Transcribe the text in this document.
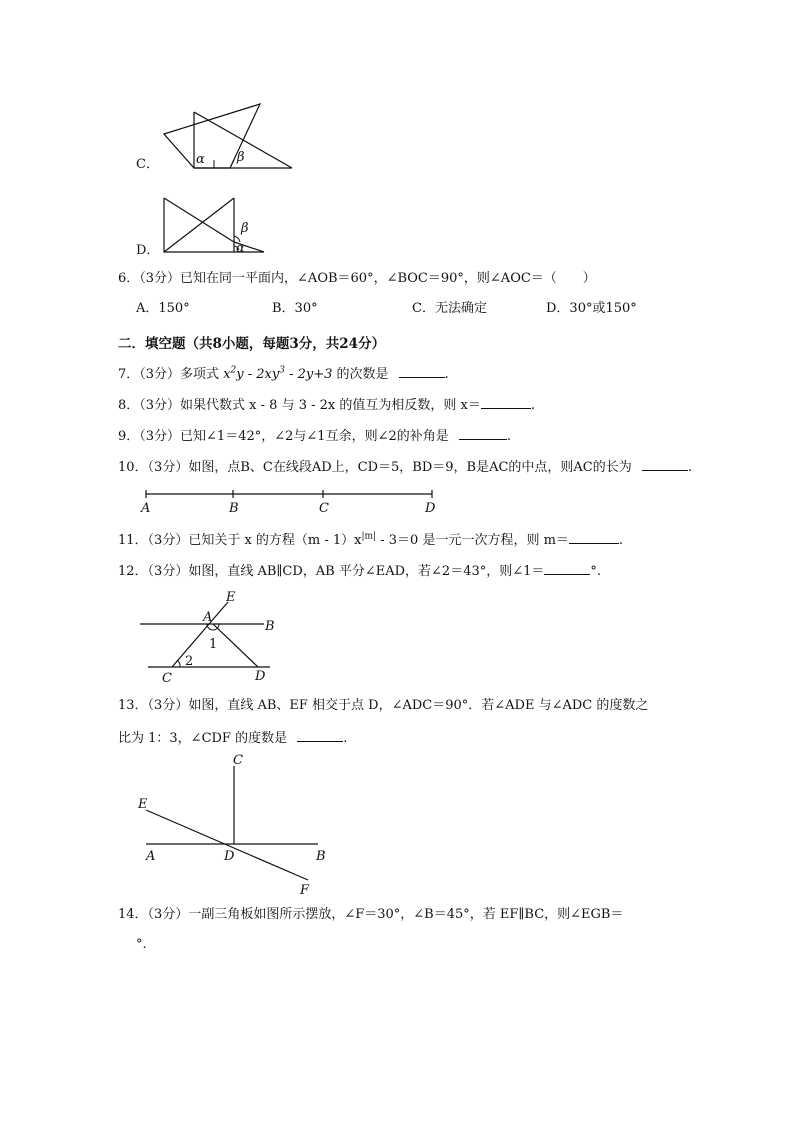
C．	α β
D．
β
α
6．（3分）已知在同一平面内，∠AOB＝60°，∠BOC＝90°，则∠AOC＝（　　）
A．150°	B．30°	C．无法确定	D．30°或150°
二．填空题（共8小题，每题3分，共24分）
7．（3分）多项式 $x^2y - 2xy^3 - 2y+3$ 的次数是	.
8．（3分）如果代数式 x - 8 与 3 - 2x 的值互为相反数，则 x＝	.
9．（3分）已知∠1＝42°，∠2与∠1互余，则∠2的补角是	.
10．（3分）如图，点B、C在线段AD上，CD＝5，BD＝9，B是AC的中点，则AC的长为	.
A	B	C	D
11．（3分）已知关于 x 的方程$(m - 1)x^{|m|} - 3=0$ 是一元一次方程，则 m＝	.
12．（3分）如图，直线 AB∥CD，AB 平分∠EAD，若∠2＝43°，则∠1＝	°.
E
A
B
1
2
C	D
13．（3分）如图，直线 AB、EF 相交于点 D，∠ADC＝90°．若∠ADE 与∠ADC 的度数之
比为 1：3，∠CDF 的度数是	.
C
E
A	D	B
F
14．（3分）一副三角板如图所示摆放，∠F＝30°，∠B＝45°，若 EF∥BC，则∠EGB＝
°.
